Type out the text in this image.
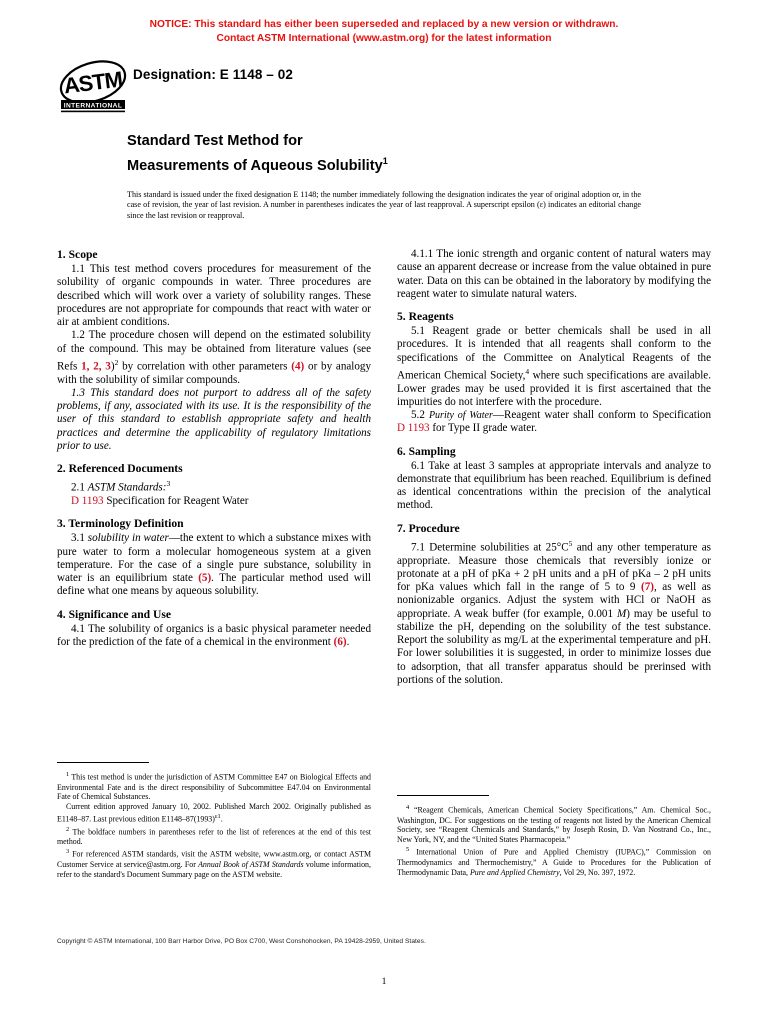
NOTICE: This standard has either been superseded and replaced by a new version or withdrawn.
Contact ASTM International (www.astm.org) for the latest information
ASTM
INTERNATIONAL
Designation: E 1148 – 02
Standard Test Method for
Measurements of Aqueous Solubility$^1$
This standard is issued under the fixed designation E 1148; the number immediately following the designation indicates the year of original adoption or, in the case of revision, the year of last revision. A number in parentheses indicates the year of last reapproval. A superscript epsilon (ε) indicates an editorial change since the last revision or reapproval.
1. Scope

1.1 This test method covers procedures for measurement of the solubility of organic compounds in water. Three procedures are described which will work over a variety of solubility ranges. These procedures are not appropriate for compounds that react with water or air at ambient conditions.

1.2 The procedure chosen will depend on the estimated solubility of the compound. This may be obtained from literature values (see Refs 1, 2, 3)$^2$ by correlation with other parameters (4) or by analogy with the solubility of similar compounds.

1.3 This standard does not purport to address all of the safety problems, if any, associated with its use. It is the responsibility of the user of this standard to establish appropriate safety and health practices and determine the applicability of regulatory limitations prior to use.

2. Referenced Documents

2.1 ASTM Standards:$^3$

D 1193 Specification for Reagent Water

3. Terminology Definition

3.1 solubility in water—the extent to which a substance mixes with pure water to form a molecular homogeneous system at a given temperature. For the case of a single pure substance, solubility in water is an equilibrium state (5). The particular method used will define what one means by aqueous solubility.

4. Significance and Use

4.1 The solubility of organics is a basic physical parameter needed for the prediction of the fate of a chemical in the environment (6).

4.1.1 The ionic strength and organic content of natural waters may cause an apparent decrease or increase from the value obtained in pure water. Data on this can be obtained in the laboratory by modifying the reagent water to simulate natural waters.

5. Reagents

5.1 Reagent grade or better chemicals shall be used in all procedures. It is intended that all reagents shall conform to the specifications of the Committee on Analytical Reagents of the American Chemical Society,$^4$ where such specifications are available. Lower grades may be used provided it is first ascertained that the impurities do not interfere with the procedure.

5.2 Purity of Water—Reagent water shall conform to Specification D 1193 for Type II grade water.

6. Sampling

6.1 Take at least 3 samples at appropriate intervals and analyze to demonstrate that equilibrium has been reached. Equilibrium is defined as identical concentrations within the precision of the analytical method.

7. Procedure

7.1 Determine solubilities at 25°C$^5$ and any other temperature as appropriate. Measure those chemicals that reversibly ionize or protonate at a pH of pKa + 2 pH units and a pH of pKa – 2 pH units for pKa values which fall in the range of 5 to 9 (7), as well as nonionizable organics. Adjust the system with HCl or NaOH as appropriate. A weak buffer (for example, 0.001 M) may be useful to stabilize the pH, depending on the solubility of the test substance. Report the solubility as mg/L at the experimental temperature and pH. For lower solubilities it is suggested, in order to minimize losses due to adsorption, that all transfer apparatus should be prerinsed with portions of the solution.

$^1$ This test method is under the jurisdiction of ASTM Committee E47 on Biological Effects and Environmental Fate and is the direct responsibility of Subcommittee E47.04 on Environmental Fate of Chemical Substances.

Current edition approved January 10, 2002. Published March 2002. Originally published as E1148–87. Last previous edition $E1148-87(1993)^{\varepsilon 1}$.

$^2$ The boldface numbers in parentheses refer to the list of references at the end of this test method.

$^3$ For referenced ASTM standards, visit the ASTM website, www.astm.org, or contact ASTM Customer Service at service@astm.org. For Annual Book of ASTM Standards volume information, refer to the standard's Document Summary page on the ASTM website.

$^4$ “Reagent Chemicals, American Chemical Society Specifications,” Am. Chemical Soc., Washington, DC. For suggestions on the testing of reagents not listed by the American Chemical Society, see “Reagent Chemicals and Standards,” by Joseph Rosin, D. Van Nostrand Co., Inc., New York, NY, and the “United States Pharmacopeia.”

$^5$ International Union of Pure and Applied Chemistry (IUPAC),” Commission on Thermodynamics and Thermochemistry,” A Guide to Procedures for the Publication of Thermodynamic Data, Pure and Applied Chemistry, Vol 29, No. 397, 1972.

Copyright © ASTM International, 100 Barr Harbor Drive, PO Box C700, West Conshohocken, PA 19428-2959, United States.
1
